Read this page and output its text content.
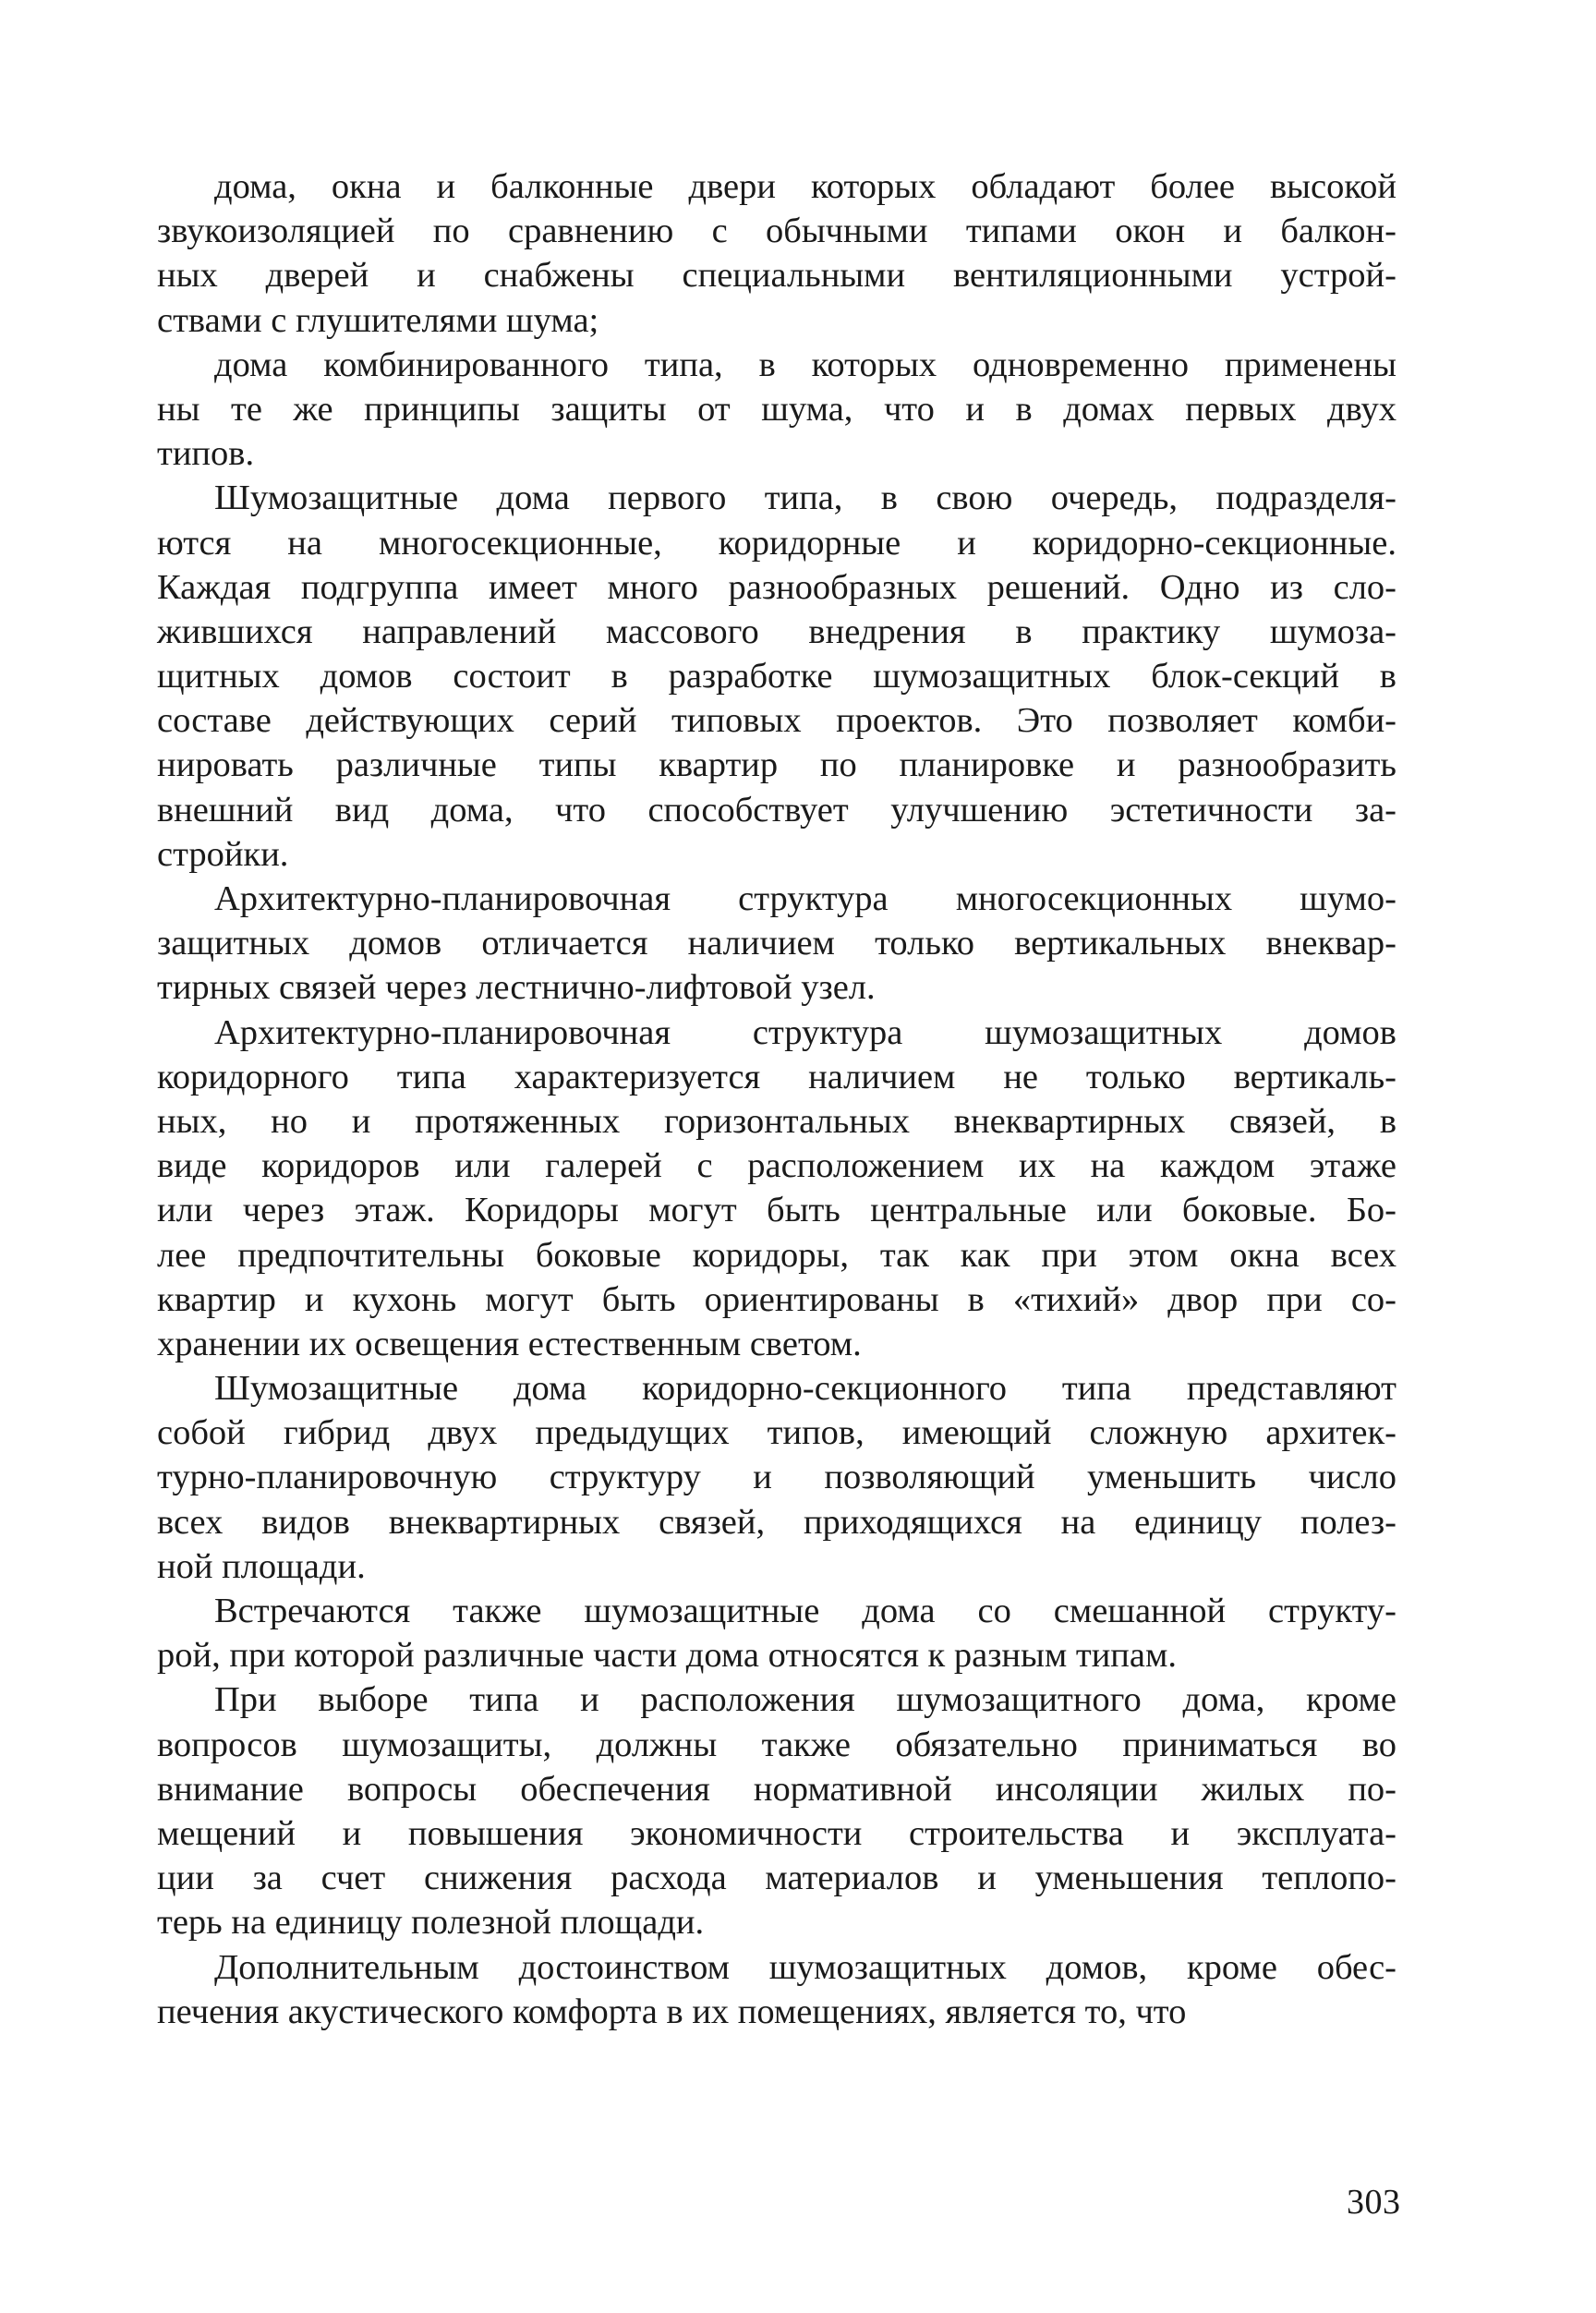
дома, окна и балконные двери которых обладают более высокой
звукоизоляцией по сравнению с обычными типами окон и балкон-
ных дверей и снабжены специальными вентиляционными устрой-
ствами с глушителями шума;
дома комбинированного типа, в которых одновременно применены
ны те же принципы защиты от шума, что и в домах первых двух
типов.
Шумозащитные дома первого типа, в свою очередь, подразделя-
ются на многосекционные, коридорные и коридорно-секционные.
Каждая подгруппа имеет много разнообразных решений. Одно из сло-
жившихся направлений массового внедрения в практику шумоза-
щитных домов состоит в разработке шумозащитных блок-секций в
составе действующих серий типовых проектов. Это позволяет комби-
нировать различные типы квартир по планировке и разнообразить
внешний вид дома, что способствует улучшению эстетичности за-
стройки.
Архитектурно-планировочная структура многосекционных шумо-
защитных домов отличается наличием только вертикальных внеквар-
тирных связей через лестнично-лифтовой узел.
Архитектурно-планировочная структура шумозащитных домов
коридорного типа характеризуется наличием не только вертикаль-
ных, но и протяженных горизонтальных внеквартирных связей, в
виде коридоров или галерей с расположением их на каждом этаже
или через этаж. Коридоры могут быть центральные или боковые. Бо-
лее предпочтительны боковые коридоры, так как при этом окна всех
квартир и кухонь могут быть ориентированы в «тихий» двор при со-
хранении их освещения естественным светом.
Шумозащитные дома коридорно-секционного типа представляют
собой гибрид двух предыдущих типов, имеющий сложную архитек-
турно-планировочную структуру и позволяющий уменьшить число
всех видов внеквартирных связей, приходящихся на единицу полез-
ной площади.
Встречаются также шумозащитные дома со смешанной структу-
рой, при которой различные части дома относятся к разным типам.
При выборе типа и расположения шумозащитного дома, кроме
вопросов шумозащиты, должны также обязательно приниматься во
внимание вопросы обеспечения нормативной инсоляции жилых по-
мещений и повышения экономичности строительства и эксплуата-
ции за счет снижения расхода материалов и уменьшения теплопо-
терь на единицу полезной площади.
Дополнительным достоинством шумозащитных домов, кроме обес-
печения акустического комфорта в их помещениях, является то, что
303
